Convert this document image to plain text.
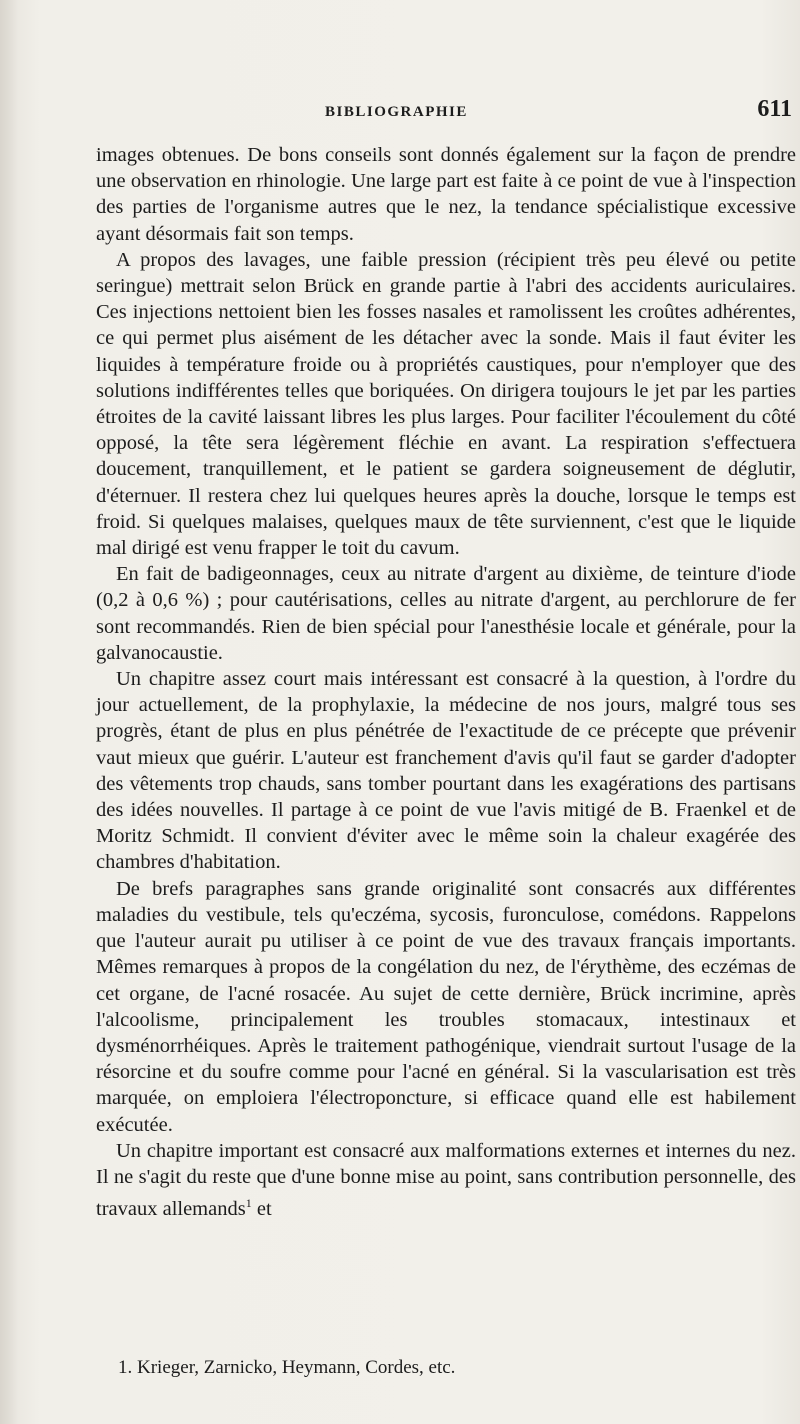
BIBLIOGRAPHIE	611

images obtenues. De bons conseils sont donnés également sur la façon de prendre une observation en rhinologie. Une large part est faite à ce point de vue à l'inspection des parties de l'organisme autres que le nez, la tendance spécialistique excessive ayant désormais fait son temps.

A propos des lavages, une faible pression (récipient très peu élevé ou petite seringue) mettrait selon Brück en grande partie à l'abri des accidents auriculaires. Ces injections nettoient bien les fosses nasales et ramolissent les croûtes adhérentes, ce qui permet plus aisément de les détacher avec la sonde. Mais il faut éviter les liquides à température froide ou à propriétés caustiques, pour n'employer que des solutions indifférentes telles que boriquées. On dirigera toujours le jet par les parties étroites de la cavité laissant libres les plus larges. Pour faciliter l'écoulement du côté opposé, la tête sera légèrement fléchie en avant. La respiration s'effectuera doucement, tranquillement, et le patient se gardera soigneusement de déglutir, d'éternuer. Il restera chez lui quelques heures après la douche, lorsque le temps est froid. Si quelques malaises, quelques maux de tête surviennent, c'est que le liquide mal dirigé est venu frapper le toit du cavum.

En fait de badigeonnages, ceux au nitrate d'argent au dixième, de teinture d'iode (0,2 à 0,6 %) ; pour cautérisations, celles au nitrate d'argent, au perchlorure de fer sont recommandés. Rien de bien spécial pour l'anesthésie locale et générale, pour la galvanocaustie.

Un chapitre assez court mais intéressant est consacré à la question, à l'ordre du jour actuellement, de la prophylaxie, la médecine de nos jours, malgré tous ses progrès, étant de plus en plus pénétrée de l'exactitude de ce précepte que prévenir vaut mieux que guérir. L'auteur est franchement d'avis qu'il faut se garder d'adopter des vêtements trop chauds, sans tomber pourtant dans les exagérations des partisans des idées nouvelles. Il partage à ce point de vue l'avis mitigé de B. Fraenkel et de Moritz Schmidt. Il convient d'éviter avec le même soin la chaleur exagérée des chambres d'habitation.

De brefs paragraphes sans grande originalité sont consacrés aux différentes maladies du vestibule, tels qu'eczéma, sycosis, furonculose, comédons. Rappelons que l'auteur aurait pu utiliser à ce point de vue des travaux français importants. Mêmes remarques à propos de la congélation du nez, de l'érythème, des eczémas de cet organe, de l'acné rosacée. Au sujet de cette dernière, Brück incrimine, après l'alcoolisme, principalement les troubles stomacaux, intestinaux et dysménorrhéiques. Après le traitement pathogénique, viendrait surtout l'usage de la résorcine et du soufre comme pour l'acné en général. Si la vascularisation est très marquée, on emploiera l'électroponcture, si efficace quand elle est habilement exécutée.

Un chapitre important est consacré aux malformations externes et internes du nez. Il ne s'agit du reste que d'une bonne mise au point, sans contribution personnelle, des travaux allemands$^1$ et

1. Krieger, Zarnicko, Heymann, Cordes, etc.
